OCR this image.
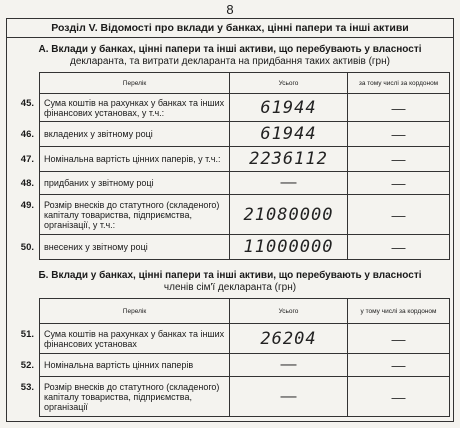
8
Розділ V. Відомості про вклади у банках, цінні папери та інші активи
А. Вклади у банках, цінні папери та інші активи, що перебувають у власності
декларанта, та витрати декларанта на придбання таких активів (грн)
Перелік	Усього	за тому числі за кордоном

45. Сума коштів на рахунках у банках та інших фінансових установах, у т.ч.:	61944	—

46. вкладених у звітному році	61944	—

47. Номінальна вартість цінних паперів, у т.ч.:	2236112	—

48. придбаних у звітному році	—	—

49. Розмір внесків до статутного (складеного) капіталу товариства, підприємства, організації, у т.ч.:	21080000	—

50. внесених у звітному році	11000000	—
Б. Вклади у банках, цінні папери та інші активи, що перебувають у власності
членів сім'ї декларанта (грн)
Перелік	Усього	у тому числі за кордоном

51. Сума коштів на рахунках у банках та інших фінансових установах	26204	—

52. Номінальна вартість цінних паперів	—	—

53. Розмір внесків до статутного (складеного) капіталу товариства, підприємства, організації	—	—
